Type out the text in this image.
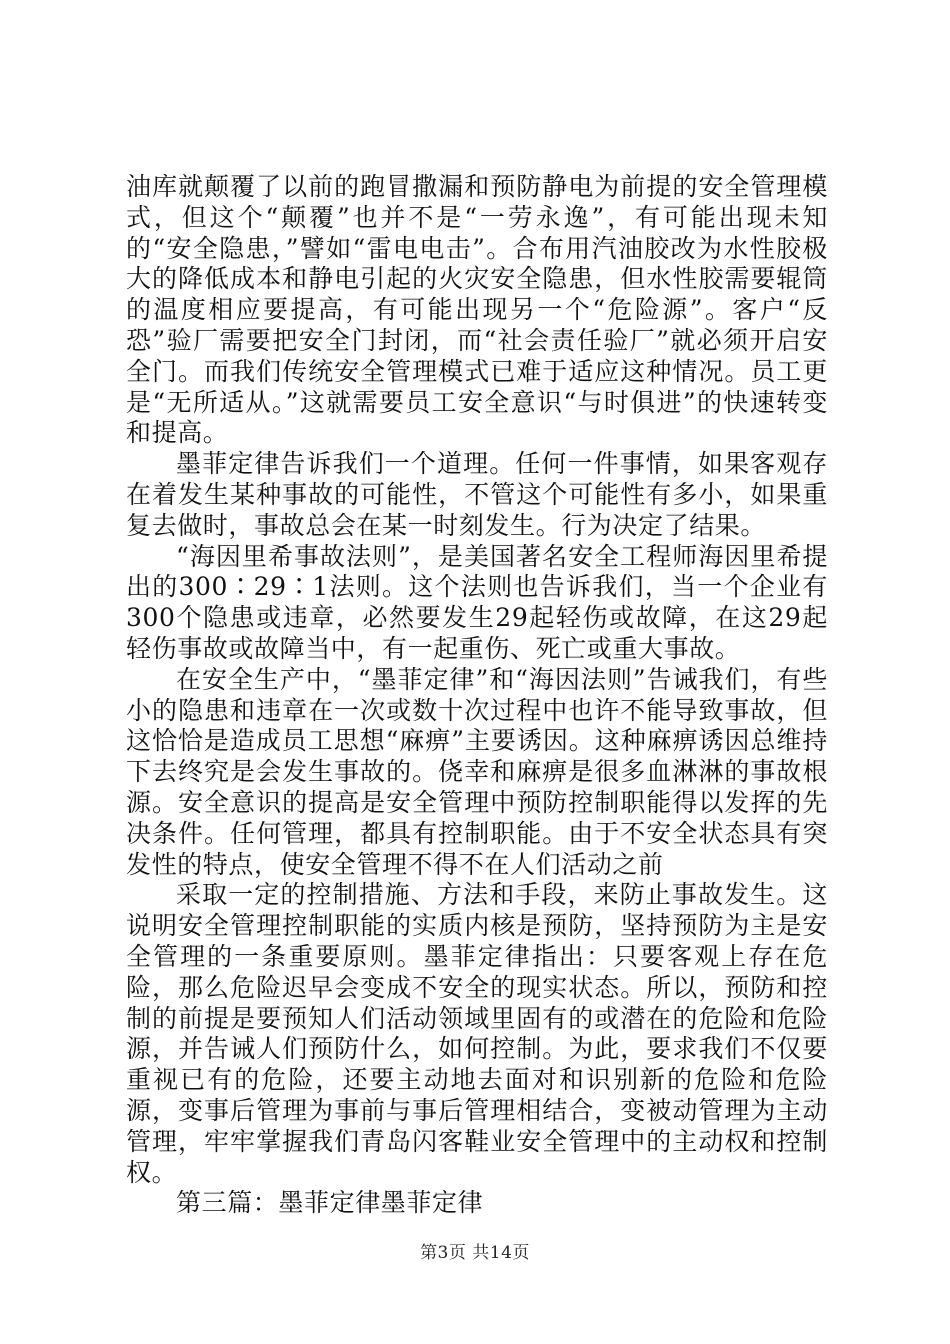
油库就颠覆了以前的跑冒撒漏和预防静电为前提的安全管理模式，但这个“颠覆”也并不是“一劳永逸”，有可能出现未知的“安全隐患，”譬如“雷电电击”。合布用汽油胶改为水性胶极大的降低成本和静电引起的火灾安全隐患，但水性胶需要辊筒的温度相应要提高，有可能出现另一个“危险源”。客户“反恐”验厂需要把安全门封闭，而“社会责任验厂”就必须开启安全门。而我们传统安全管理模式已难于适应这种情况。员工更是“无所适从。”这就需要员工安全意识“与时俱进”的快速转变和提高。

墨菲定律告诉我们一个道理。任何一件事情，如果客观存在着发生某种事故的可能性，不管这个可能性有多小，如果重复去做时，事故总会在某一时刻发生。行为决定了结果。

“海因里希事故法则”，是美国著名安全工程师海因里希提出的300∶29∶1法则。这个法则也告诉我们，当一个企业有300个隐患或违章，必然要发生29起轻伤或故障，在这29起轻伤事故或故障当中，有一起重伤、死亡或重大事故。

在安全生产中，“墨菲定律”和“海因法则”告诫我们，有些小的隐患和违章在一次或数十次过程中也许不能导致事故，但这恰恰是造成员工思想“麻痹”主要诱因。这种麻痹诱因总维持下去终究是会发生事故的。侥幸和麻痹是很多血淋淋的事故根源。安全意识的提高是安全管理中预防控制职能得以发挥的先决条件。任何管理，都具有控制职能。由于不安全状态具有突发性的特点，使安全管理不得不在人们活动之前

采取一定的控制措施、方法和手段，来防止事故发生。这说明安全管理控制职能的实质内核是预防，坚持预防为主是安全管理的一条重要原则。墨菲定律指出：只要客观上存在危险，那么危险迟早会变成不安全的现实状态。所以，预防和控制的前提是要预知人们活动领域里固有的或潜在的危险和危险源，并告诫人们预防什么，如何控制。为此，要求我们不仅要重视已有的危险，还要主动地去面对和识别新的危险和危险源，变事后管理为事前与事后管理相结合，变被动管理为主动管理，牢牢掌握我们青岛闪客鞋业安全管理中的主动权和控制权。

第三篇：墨菲定律墨菲定律

第3页 共14页
